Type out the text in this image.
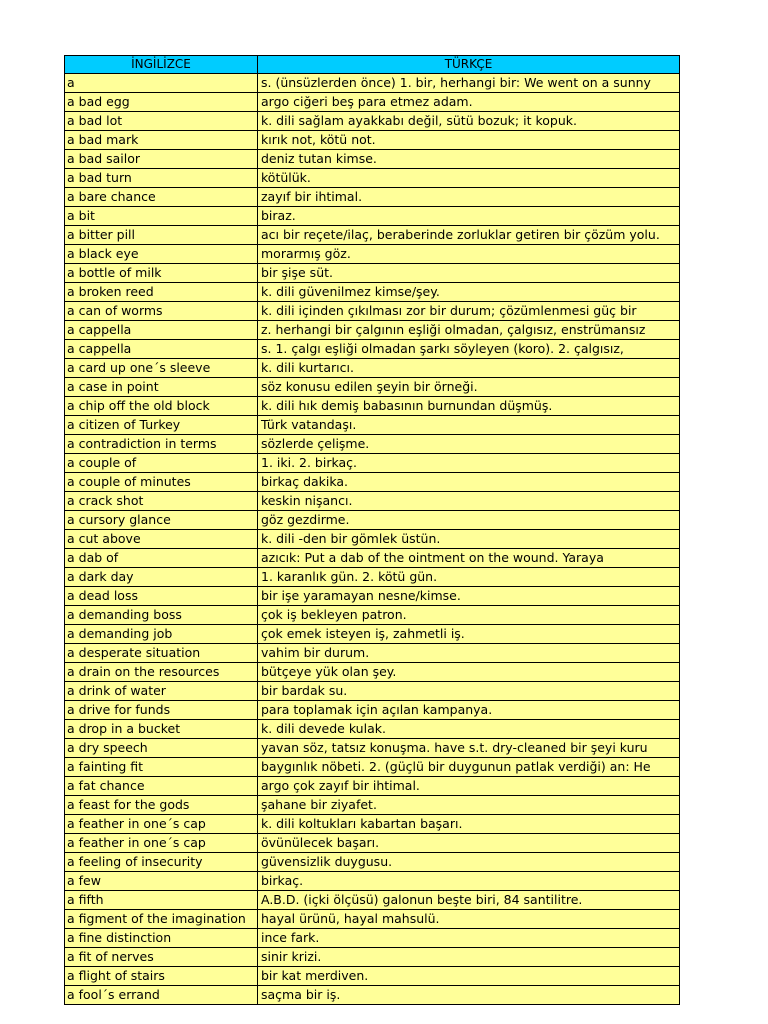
İNGİLİZCE	TÜRKÇE
a	s. (ünsüzlerden önce) 1. bir, herhangi bir: We went on a sunny
a bad egg	argo ciğeri beş para etmez adam.
a bad lot	k. dili sağlam ayakkabı değil, sütü bozuk; it kopuk.
a bad mark	kırık not, kötü not.
a bad sailor	deniz tutan kimse.
a bad turn	kötülük.
a bare chance	zayıf bir ihtimal.
a bit	biraz.
a bitter pill	acı bir reçete/ilaç, beraberinde zorluklar getiren bir çözüm yolu.
a black eye	morarmış göz.
a bottle of milk	bir şişe süt.
a broken reed	k. dili güvenilmez kimse/şey.
a can of worms	k. dili içinden çıkılması zor bir durum; çözümlenmesi güç bir
a cappella	z. herhangi bir çalgının eşliği olmadan, çalgısız, enstrümansız
a cappella	s. 1. çalgı eşliği olmadan şarkı söyleyen (koro). 2. çalgısız,
a card up one´s sleeve	k. dili kurtarıcı.
a case in point	söz konusu edilen şeyin bir örneği.
a chip off the old block	k. dili hık demiş babasının burnundan düşmüş.
a citizen of Turkey	Türk vatandaşı.
a contradiction in terms	sözlerde çelişme.
a couple of	1. iki. 2. birkaç.
a couple of minutes	birkaç dakika.
a crack shot	keskin nişancı.
a cursory glance	göz gezdirme.
a cut above	k. dili -den bir gömlek üstün.
a dab of	azıcık: Put a dab of the ointment on the wound. Yaraya
a dark day	1. karanlık gün. 2. kötü gün.
a dead loss	bir işe yaramayan nesne/kimse.
a demanding boss	çok iş bekleyen patron.
a demanding job	çok emek isteyen iş, zahmetli iş.
a desperate situation	vahim bir durum.
a drain on the resources	bütçeye yük olan şey.
a drink of water	bir bardak su.
a drive for funds	para toplamak için açılan kampanya.
a drop in a bucket	k. dili devede kulak.
a dry speech	yavan söz, tatsız konuşma. have s.t. dry-cleaned bir şeyi kuru
a fainting fit	baygınlık nöbeti. 2. (güçlü bir duygunun patlak verdiği) an: He
a fat chance	argo çok zayıf bir ihtimal.
a feast for the gods	şahane bir ziyafet.
a feather in one´s cap	k. dili koltukları kabartan başarı.
a feather in one´s cap	övünülecek başarı.
a feeling of insecurity	güvensizlik duygusu.
a few	birkaç.
a fifth	A.B.D. (içki ölçüsü) galonun beşte biri, 84 santilitre.
a figment of the imagination	hayal ürünü, hayal mahsulü.
a fine distinction	ince fark.
a fit of nerves	sinir krizi.
a flight of stairs	bir kat merdiven.
a fool´s errand	saçma bir iş.
